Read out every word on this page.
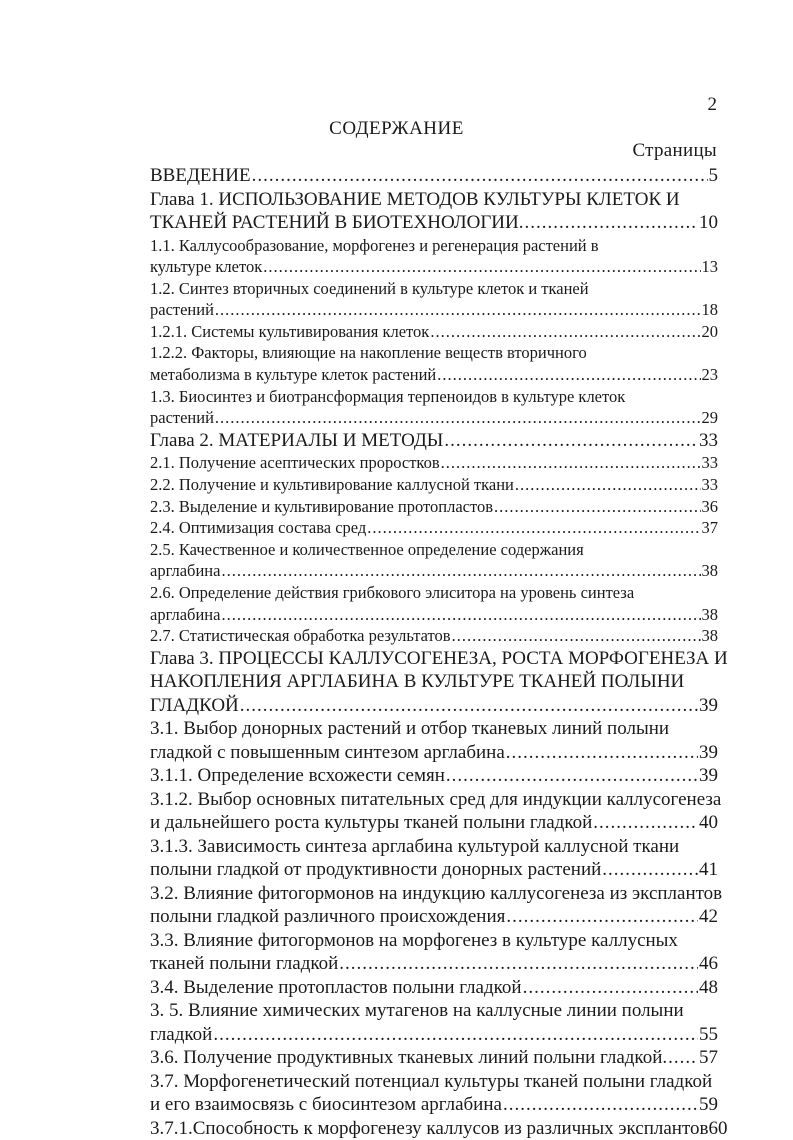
2
СОДЕРЖАНИЕ
Страницы
ВВЕДЕНИЕ .....	5
Глава 1. ИСПОЛЬЗОВАНИЕ МЕТОДОВ КУЛЬТУРЫ КЛЕТОК И
ТКАНЕЙ РАСТЕНИЙ В БИОТЕХНОЛОГИИ. .....	10
1.1. Каллусообразование, морфогенез и регенерация растений в
культуре клеток .....	13
1.2. Синтез вторичных соединений в культуре клеток и тканей
растений .....	18
1.2.1. Системы культивирования клеток .....	20
1.2.2. Факторы, влияющие на накопление веществ вторичного
метаболизма в культуре клеток растений .....	23
1.3. Биосинтез и биотрансформация терпеноидов в культуре клеток
растений .....	29
Глава 2. МАТЕРИАЛЫ И МЕТОДЫ .....	33
2.1. Получение асептических проростков .....	33
2.2. Получение и культивирование каллусной ткани .....	33
2.3. Выделение и культивирование протопластов .....	36
2.4. Оптимизация состава сред .....	37
2.5. Качественное и количественное определение содержания
арглабина .....	38
2.6. Определение действия грибкового элиситора на уровень синтеза
арглабина .....	38
2.7. Статистическая обработка результатов .....	38
Глава 3. ПРОЦЕССЫ КАЛЛУСОГЕНЕЗА, РОСТА МОРФОГЕНЕЗА И
НАКОПЛЕНИЯ АРГЛАБИНА В КУЛЬТУРЕ ТКАНЕЙ ПОЛЫНИ
ГЛАДКОЙ .....	39
3.1. Выбор донорных растений и отбор тканевых линий полыни
гладкой с повышенным синтезом арглабина .....	39
3.1.1. Определение всхожести семян .....	39
3.1.2. Выбор основных питательных сред для индукции каллусогенеза
и дальнейшего роста культуры тканей полыни гладкой .....	40
3.1.3. Зависимость синтеза арглабина культурой каллусной ткани
полыни гладкой от продуктивности донорных растений .....	41
3.2. Влияние фитогормонов на индукцию каллусогенеза из эксплантов
полыни гладкой различного происхождения .....	42
3.3. Влияние фитогормонов на морфогенез в культуре каллусных
тканей полыни гладкой .....	46
3.4. Выделение протопластов полыни гладкой .....	48
3. 5. Влияние химических мутагенов на каллусные линии полыни
гладкой .....	55
3.6. Получение продуктивных тканевых линий полыни гладкой. ..... 57
3.7. Морфогенетический потенциал культуры тканей полыни гладкой
и его взаимосвязь с биосинтезом арглабина .....	59
3.7.1.Способность к морфогенезу каллусов из различных эксплантов 60
